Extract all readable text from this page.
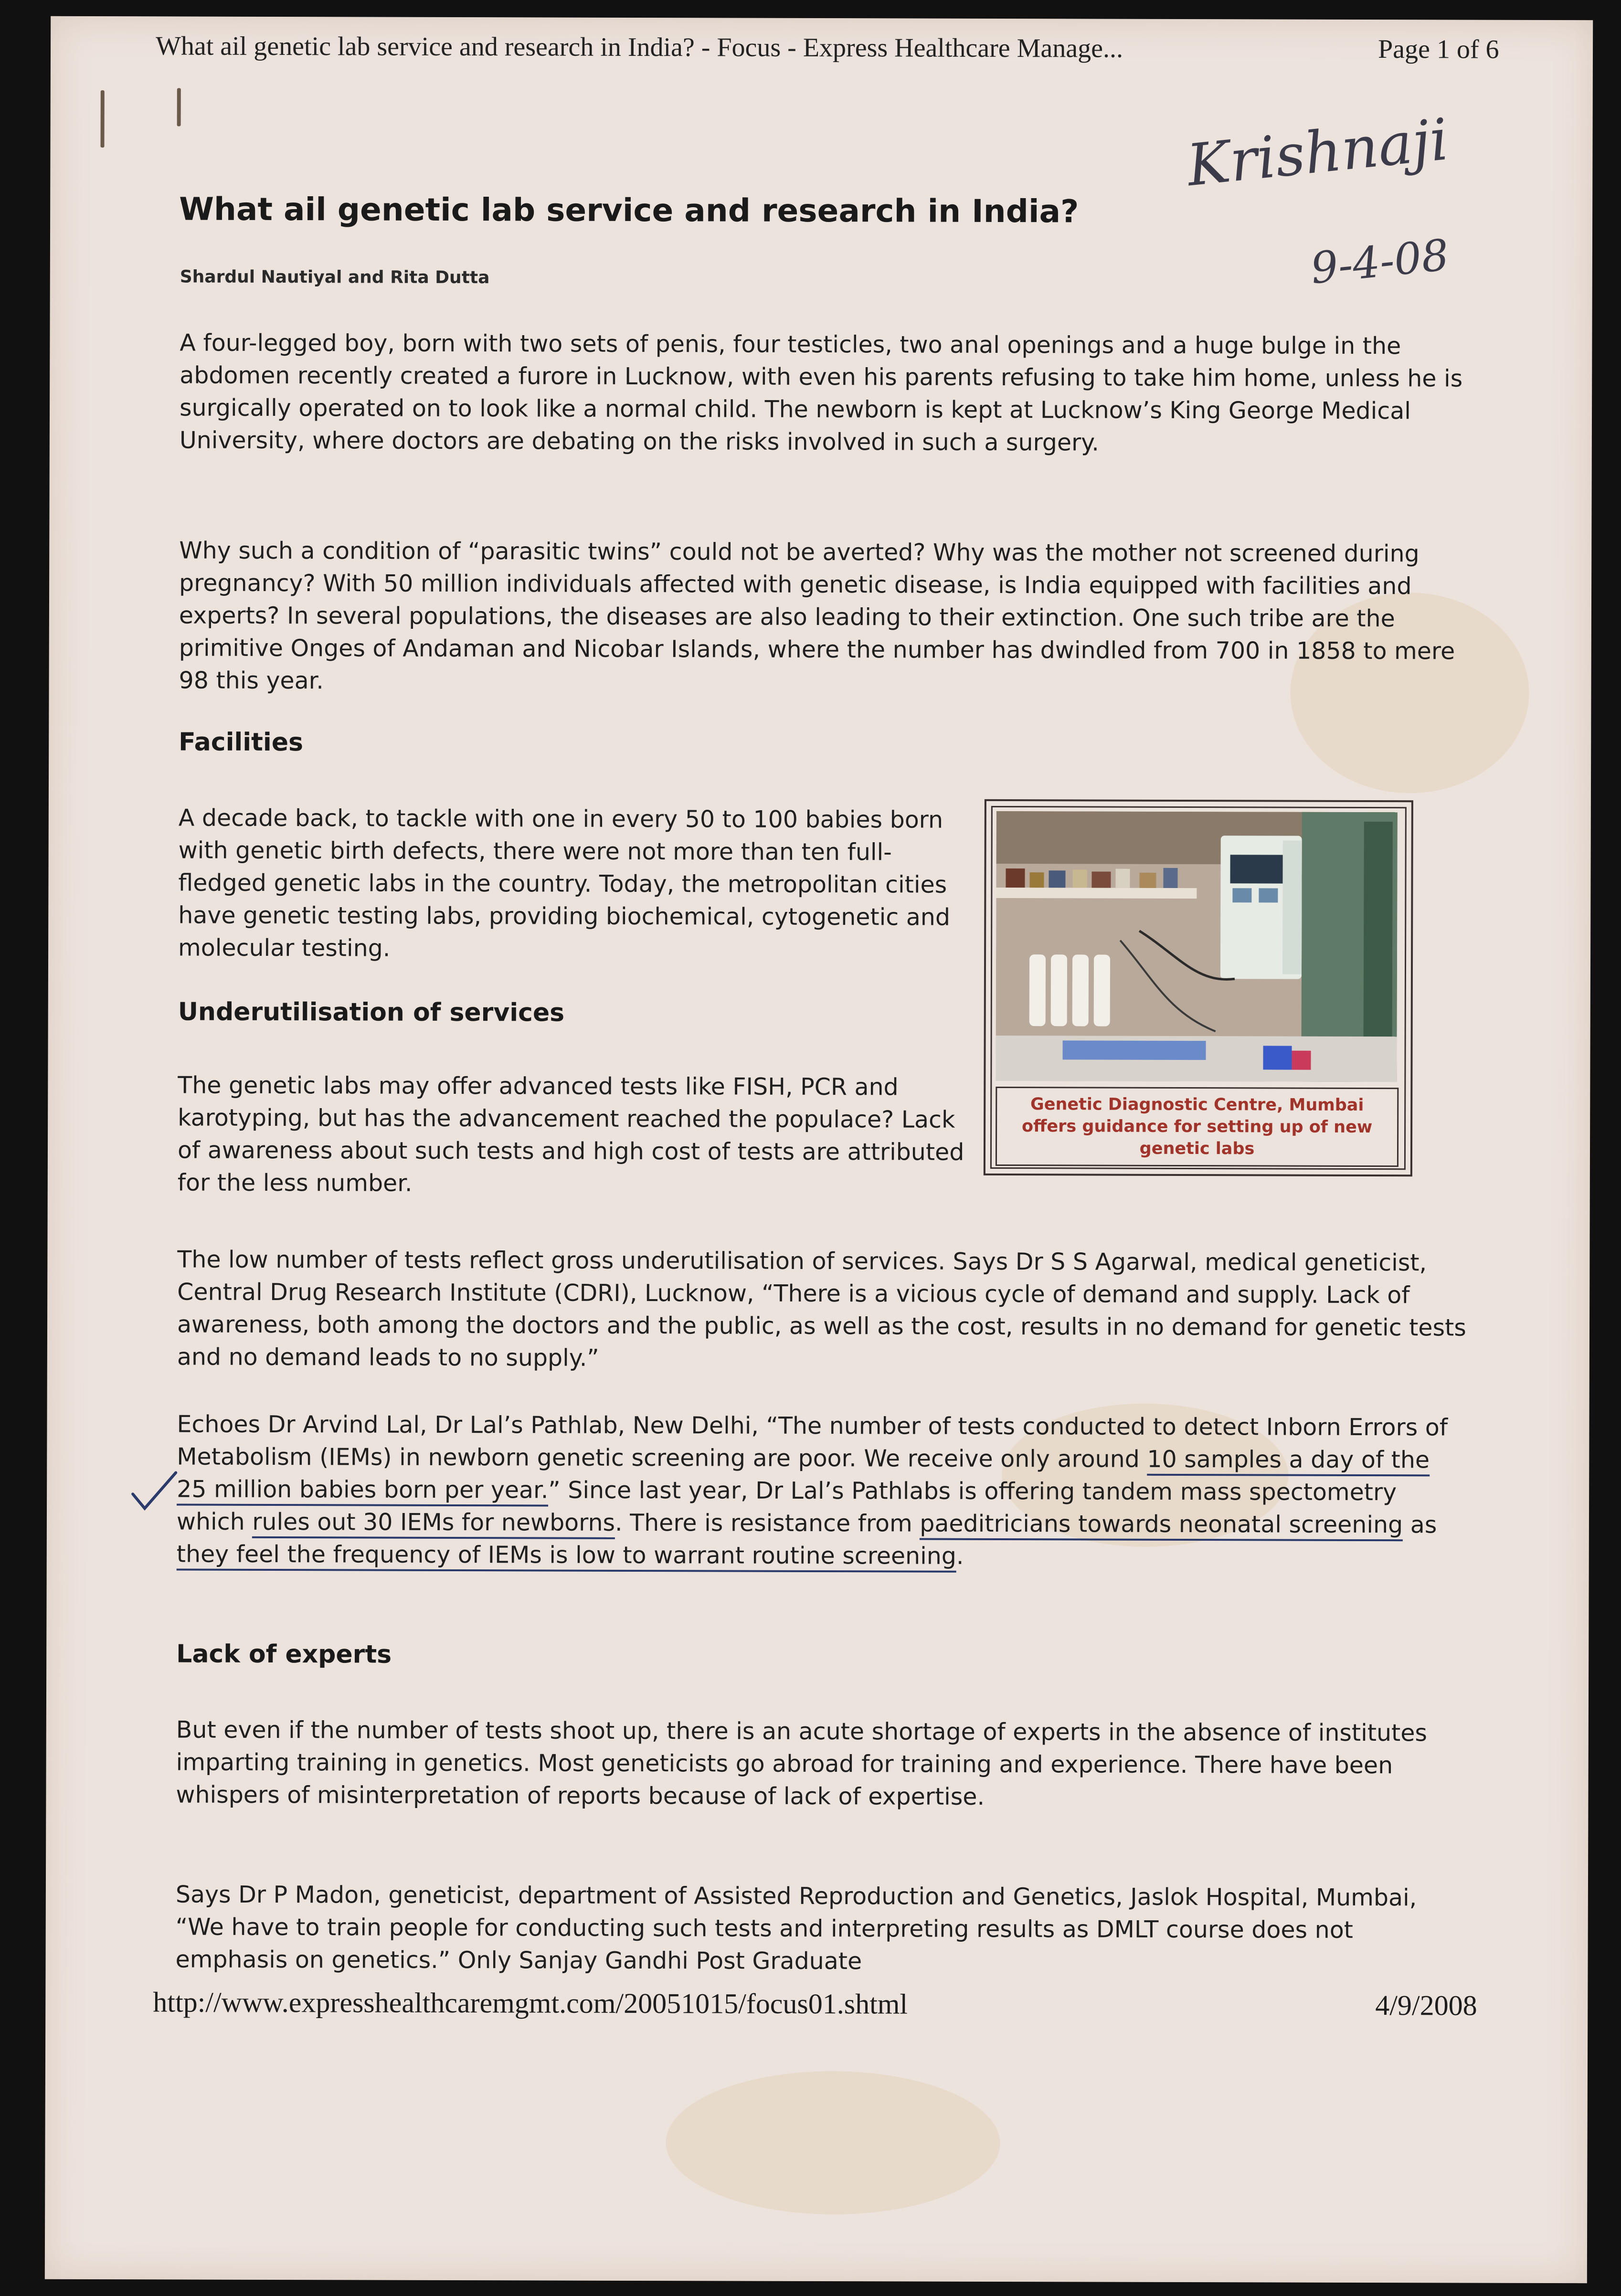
What ail genetic lab service and research in India? - Focus - Express Healthcare Manage...	Page 1 of 6
Krishnaji
9-4-08
What ail genetic lab service and research in India?
Shardul Nautiyal and Rita Dutta

A four-legged boy, born with two sets of penis, four testicles, two anal openings and a huge bulge in the abdomen recently created a furore in Lucknow, with even his parents refusing to take him home, unless he is surgically operated on to look like a normal child. The newborn is kept at Lucknow’s King George Medical University, where doctors are debating on the risks involved in such a surgery.

Why such a condition of “parasitic twins” could not be averted? Why was the mother not screened during pregnancy? With 50 million individuals affected with genetic disease, is India equipped with facilities and experts? In several populations, the diseases are also leading to their extinction. One such tribe are the primitive Onges of Andaman and Nicobar Islands, where the number has dwindled from 700 in 1858 to mere 98 this year.

Facilities

A decade back, to tackle with one in every 50 to 100 babies born with genetic birth defects, there were not more than ten full-fledged genetic labs in the country. Today, the metropolitan cities have genetic testing labs, providing biochemical, cytogenetic and molecular testing.

Underutilisation of services

The genetic labs may offer advanced tests like FISH, PCR and karotyping, but has the advancement reached the populace? Lack of awareness about such tests and high cost of tests are attributed for the less number.

Genetic Diagnostic Centre, Mumbai offers guidance for setting up of new genetic labs

The low number of tests reflect gross underutilisation of services. Says Dr S S Agarwal, medical geneticist, Central Drug Research Institute (CDRI), Lucknow, “There is a vicious cycle of demand and supply. Lack of awareness, both among the doctors and the public, as well as the cost, results in no demand for genetic tests and no demand leads to no supply.”

Echoes Dr Arvind Lal, Dr Lal’s Pathlab, New Delhi, “The number of tests conducted to detect Inborn Errors of Metabolism (IEMs) in newborn genetic screening are poor. We receive only around 10 samples a day of the 25 million babies born per year.” Since last year, Dr Lal’s Pathlabs is offering tandem mass spectometry which rules out 30 IEMs for newborns. There is resistance from paeditricians towards neonatal screening as they feel the frequency of IEMs is low to warrant routine screening.

Lack of experts

But even if the number of tests shoot up, there is an acute shortage of experts in the absence of institutes imparting training in genetics. Most geneticists go abroad for training and experience. There have been whispers of misinterpretation of reports because of lack of expertise.

Says Dr P Madon, geneticist, department of Assisted Reproduction and Genetics, Jaslok Hospital, Mumbai, “We have to train people for conducting such tests and interpreting results as DMLT course does not emphasis on genetics.” Only Sanjay Gandhi Post Graduate

http://www.expresshealthcaremgmt.com/20051015/focus01.shtml	4/9/2008
